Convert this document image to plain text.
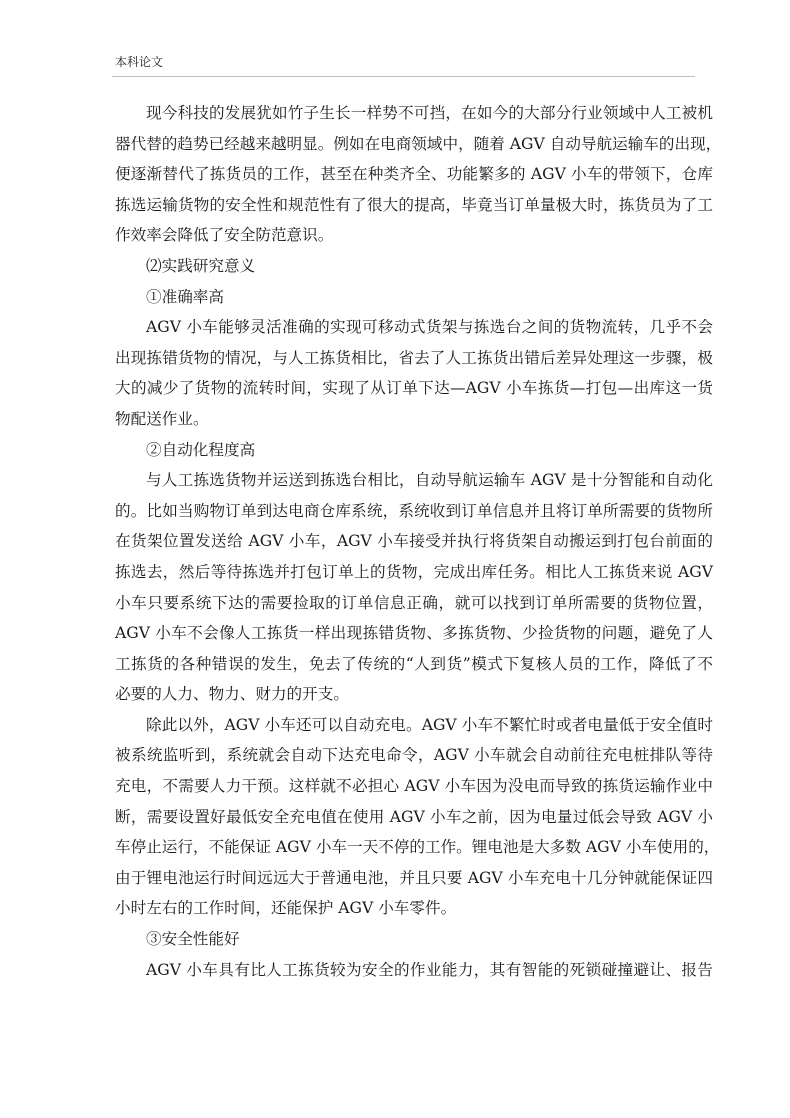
本科论文
现今科技的发展犹如竹子生长一样势不可挡，在如今的大部分行业领域中人工被机
器代替的趋势已经越来越明显。例如在电商领域中，随着 AGV 自动导航运输车的出现，
便逐渐替代了拣货员的工作，甚至在种类齐全、功能繁多的 AGV 小车的带领下，仓库
拣选运输货物的安全性和规范性有了很大的提高，毕竟当订单量极大时，拣货员为了工
作效率会降低了安全防范意识。
⑵实践研究意义
①准确率高
AGV 小车能够灵活准确的实现可移动式货架与拣选台之间的货物流转，几乎不会
出现拣错货物的情况，与人工拣货相比，省去了人工拣货出错后差异处理这一步骤，极
大的减少了货物的流转时间，实现了从订单下达—AGV 小车拣货—打包—出库这一货
物配送作业。
②自动化程度高
与人工拣选货物并运送到拣选台相比，自动导航运输车 AGV 是十分智能和自动化
的。比如当购物订单到达电商仓库系统，系统收到订单信息并且将订单所需要的货物所
在货架位置发送给 AGV 小车，AGV 小车接受并执行将货架自动搬运到打包台前面的
拣选去，然后等待拣选并打包订单上的货物，完成出库任务。相比人工拣货来说 AGV
小车只要系统下达的需要捡取的订单信息正确，就可以找到订单所需要的货物位置，
AGV 小车不会像人工拣货一样出现拣错货物、多拣货物、少捡货物的问题，避免了人
工拣货的各种错误的发生，免去了传统的“人到货”模式下复核人员的工作，降低了不
必要的人力、物力、财力的开支。
除此以外，AGV 小车还可以自动充电。AGV 小车不繁忙时或者电量低于安全值时
被系统监听到，系统就会自动下达充电命令，AGV 小车就会自动前往充电桩排队等待
充电，不需要人力干预。这样就不必担心 AGV 小车因为没电而导致的拣货运输作业中
断，需要设置好最低安全充电值在使用 AGV 小车之前，因为电量过低会导致 AGV 小
车停止运行，不能保证 AGV 小车一天不停的工作。锂电池是大多数 AGV 小车使用的，
由于锂电池运行时间远远大于普通电池，并且只要 AGV 小车充电十几分钟就能保证四
小时左右的工作时间，还能保护 AGV 小车零件。
③安全性能好
AGV 小车具有比人工拣货较为安全的作业能力，其有智能的死锁碰撞避让、报告
